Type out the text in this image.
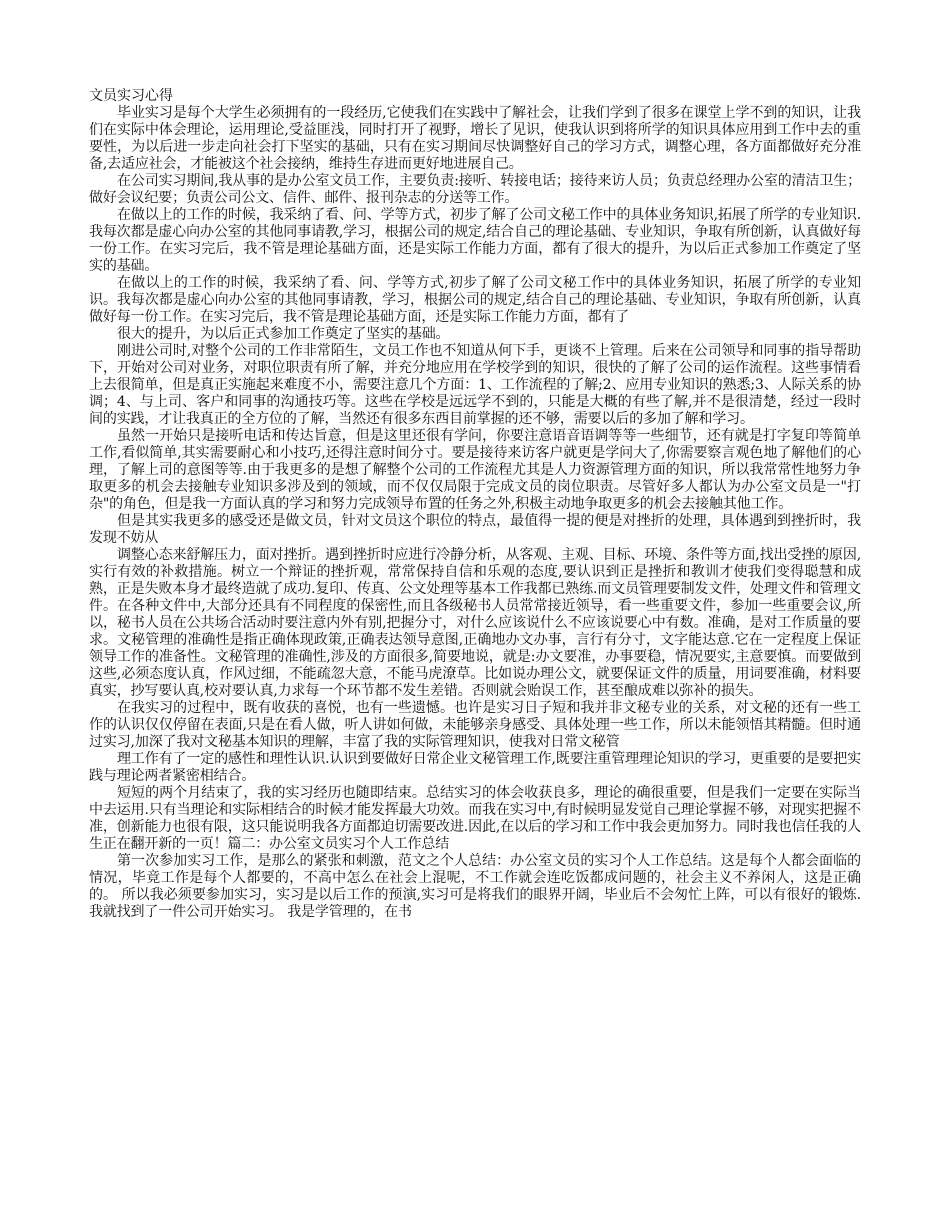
文员实习心得

毕业实习是每个大学生必须拥有的一段经历,它使我们在实践中了解社会，让我们学到了很多在课堂上学不到的知识，让我们在实际中体会理论，运用理论,受益匪浅，同时打开了视野，增长了见识，使我认识到将所学的知识具体应用到工作中去的重要性，为以后进一步走向社会打下坚实的基础，只有在实习期间尽快调整好自己的学习方式，调整心理，各方面都做好充分准备,去适应社会，才能被这个社会接纳，维持生存进而更好地进展自己。

在公司实习期间,我从事的是办公室文员工作，主要负责:接听、转接电话；接待来访人员；负责总经理办公室的清洁卫生；做好会议纪要；负责公司公文、信件、邮件、报刊杂志的分送等工作。

在做以上的工作的时候，我采纳了看、问、学等方式，初步了解了公司文秘工作中的具体业务知识,拓展了所学的专业知识.我每次都是虚心向办公室的其他同事请教,学习，根据公司的规定,结合自己的理论基础、专业知识，争取有所创新，认真做好每一份工作。在实习完后，我不管是理论基础方面，还是实际工作能力方面，都有了很大的提升，为以后正式参加工作奠定了坚实的基础。

在做以上的工作的时候，我采纳了看、问、学等方式,初步了解了公司文秘工作中的具体业务知识，拓展了所学的专业知识。我每次都是虚心向办公室的其他同事请教，学习，根据公司的规定,结合自己的理论基础、专业知识，争取有所创新，认真做好每一份工作。在实习完后，我不管是理论基础方面，还是实际工作能力方面，都有了

很大的提升，为以后正式参加工作奠定了坚实的基础。

刚进公司时,对整个公司的工作非常陌生，文员工作也不知道从何下手，更谈不上管理。后来在公司领导和同事的指导帮助下，开始对公司对业务，对职位职责有所了解，并充分地应用在学校学到的知识，很快的了解了公司的运作流程。这些事情看上去很简单，但是真正实施起来难度不小，需要注意几个方面：1、工作流程的了解;2、应用专业知识的熟悉;3、人际关系的协调；4、与上司、客户和同事的沟通技巧等。这些在学校是远远学不到的，只能是大概的有些了解,并不是很清楚，经过一段时间的实践，才让我真正的全方位的了解，当然还有很多东西目前掌握的还不够，需要以后的多加了解和学习。

虽然一开始只是接听电话和传达旨意，但是这里还很有学问，你要注意语音语调等等一些细节，还有就是打字复印等简单工作,看似简单,其实需要耐心和小技巧,还得注意时间分寸。要是接待来访客户就更是学问大了,你需要察言观色地了解他们的心理，了解上司的意图等等.由于我更多的是想了解整个公司的工作流程尤其是人力资源管理方面的知识，所以我常常性地努力争取更多的机会去接触专业知识多涉及到的领域，而不仅仅局限于完成文员的岗位职责。尽管好多人都认为办公室文员是一"打杂"的角色，但是我一方面认真的学习和努力完成领导布置的任务之外,积极主动地争取更多的机会去接触其他工作。

但是其实我更多的感受还是做文员，针对文员这个职位的特点，最值得一提的便是对挫折的处理，具体遇到到挫折时，我发现不妨从

调整心态来舒解压力，面对挫折。遇到挫折时应进行冷静分析，从客观、主观、目标、环境、条件等方面,找出受挫的原因,实行有效的补救措施。树立一个辩证的挫折观，常常保持自信和乐观的态度,要认识到正是挫折和教训才使我们变得聪慧和成熟，正是失败本身才最终造就了成功.复印、传真、公文处理等基本工作我都已熟练.而文员管理要制发文件，处理文件和管理文件。在各种文件中,大部分还具有不同程度的保密性,而且各级秘书人员常常接近领导，看一些重要文件，参加一些重要会议,所以，秘书人员在公共场合活动时要注意内外有别,把握分寸，对什么应该说什么不应该说要心中有数。准确，是对工作质量的要求。文秘管理的准确性是指正确体现政策,正确表达领导意图,正确地办文办事，言行有分寸，文字能达意.它在一定程度上保证领导工作的准备性。文秘管理的准确性,涉及的方面很多,简要地说，就是:办文要准，办事要稳，情况要实,主意要慎。而要做到这些,必须态度认真，作风过细，不能疏忽大意，不能马虎潦草。比如说办理公文，就要保证文件的质量，用词要准确，材料要真实，抄写要认真,校对要认真,力求每一个环节都不发生差错。否则就会贻误工作，甚至酿成难以弥补的损失。

在我实习的过程中，既有收获的喜悦，也有一些遗憾。也许是实习日子短和我并非文秘专业的关系，对文秘的还有一些工作的认识仅仅停留在表面,只是在看人做，听人讲如何做，未能够亲身感受、具体处理一些工作，所以未能领悟其精髓。但时通过实习,加深了我对文秘基本知识的理解，丰富了我的实际管理知识，使我对日常文秘管

理工作有了一定的感性和理性认识.认识到要做好日常企业文秘管理工作,既要注重管理理论知识的学习，更重要的是要把实践与理论两者紧密相结合。

短短的两个月结束了，我的实习经历也随即结束。总结实习的体会收获良多，理论的确很重要，但是我们一定要在实际当中去运用.只有当理论和实际相结合的时候才能发挥最大功效。而我在实习中,有时候明显发觉自己理论掌握不够，对现实把握不准，创新能力也很有限，这只能说明我各方面都迫切需要改进.因此,在以后的学习和工作中我会更加努力。同时我也信任我的人生正在翻开新的一页！篇二：办公室文员实习个人工作总结

第一次参加实习工作，是那么的紧张和刺激，范文之个人总结：办公室文员的实习个人工作总结。这是每个人都会面临的情况，毕竟工作是每个人都要的，不高中怎么在社会上混呢，不工作就会连吃饭都成问题的，社会主义不养闲人，这是正确的。 所以我必须要参加实习，实习是以后工作的预演,实习可是将我们的眼界开阔，毕业后不会匆忙上阵，可以有很好的锻炼.我就找到了一件公司开始实习。 我是学管理的，在书
